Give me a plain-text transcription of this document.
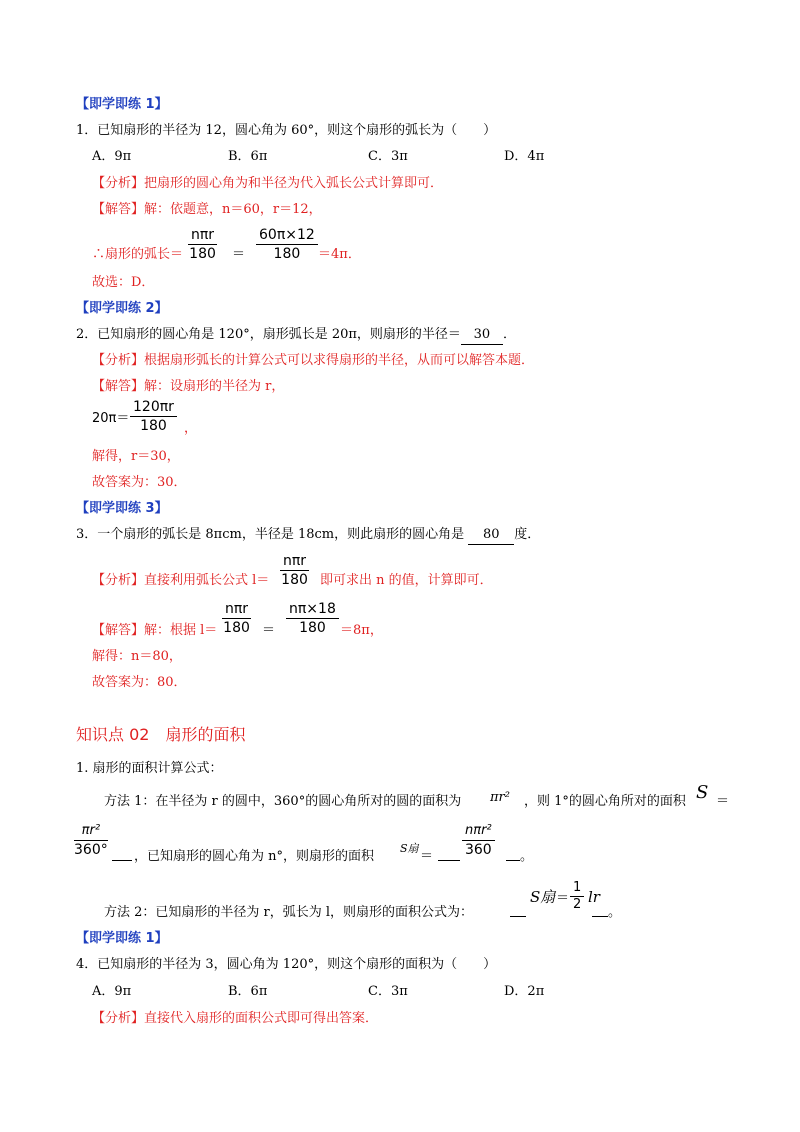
【即学即练 1】
1．已知扇形的半径为 12，圆心角为 60°，则这个扇形的弧长为（　　）
A．9π	B．6π	C．3π	D．4π
【分析】把扇形的圆心角为和半径为代入弧长公式计算即可．
【解答】解：依题意，n＝60，r＝12，
∴扇形的弧长＝
nπr
$180 = \frac{60\pi\times 12}{180} =4\pi$．
故选：D．
【即学即练 2】
2．已知扇形的圆心角是 120°，扇形弧长是 20π，则扇形的半径＝ 30 ．
【分析】根据扇形弧长的计算公式可以求得扇形的半径，从而可以解答本题．
【解答】解：设扇形的半径为 r，
$20\pi= \frac{120\pi r}{180}$ ，
解得，r＝30，
故答案为：30．
【即学即练 3】
3．一个扇形的弧长是 8πcm，半径是 18cm，则此扇形的圆心角是 80 度．
【分析】直接利用弧长公式 l＝
nπr
180 即可求出 n 的值，计算即可．
【解答】解：根据 l＝
nπr
$180 = \frac{n\pi\times 18}{180} =8\pi$，
解得：n＝80，
故答案为：80．
知识点 02　扇形的面积
1. 扇形的面积计算公式：
方法 1：在半径为 r 的圆中，360°的圆心角所对的圆的面积为 πr² ，则 1°的圆心角所对的面积 S ＝
$\frac{\text{πr²}}{360^\circ}$ ，已知扇形的圆心角为 n°，则扇形的面积
S扇
＝
nπr²
360 。
方法 2：已知扇形的半径为 r，弧长为 l，则扇形的面积公式为：
S扇 ＝ $\frac{1}{2}$ lr
。
【即学即练 1】
4．已知扇形的半径为 3，圆心角为 120°，则这个扇形的面积为（　　）
A．9π	B．6π	C．3π	D．2π
【分析】直接代入扇形的面积公式即可得出答案．
